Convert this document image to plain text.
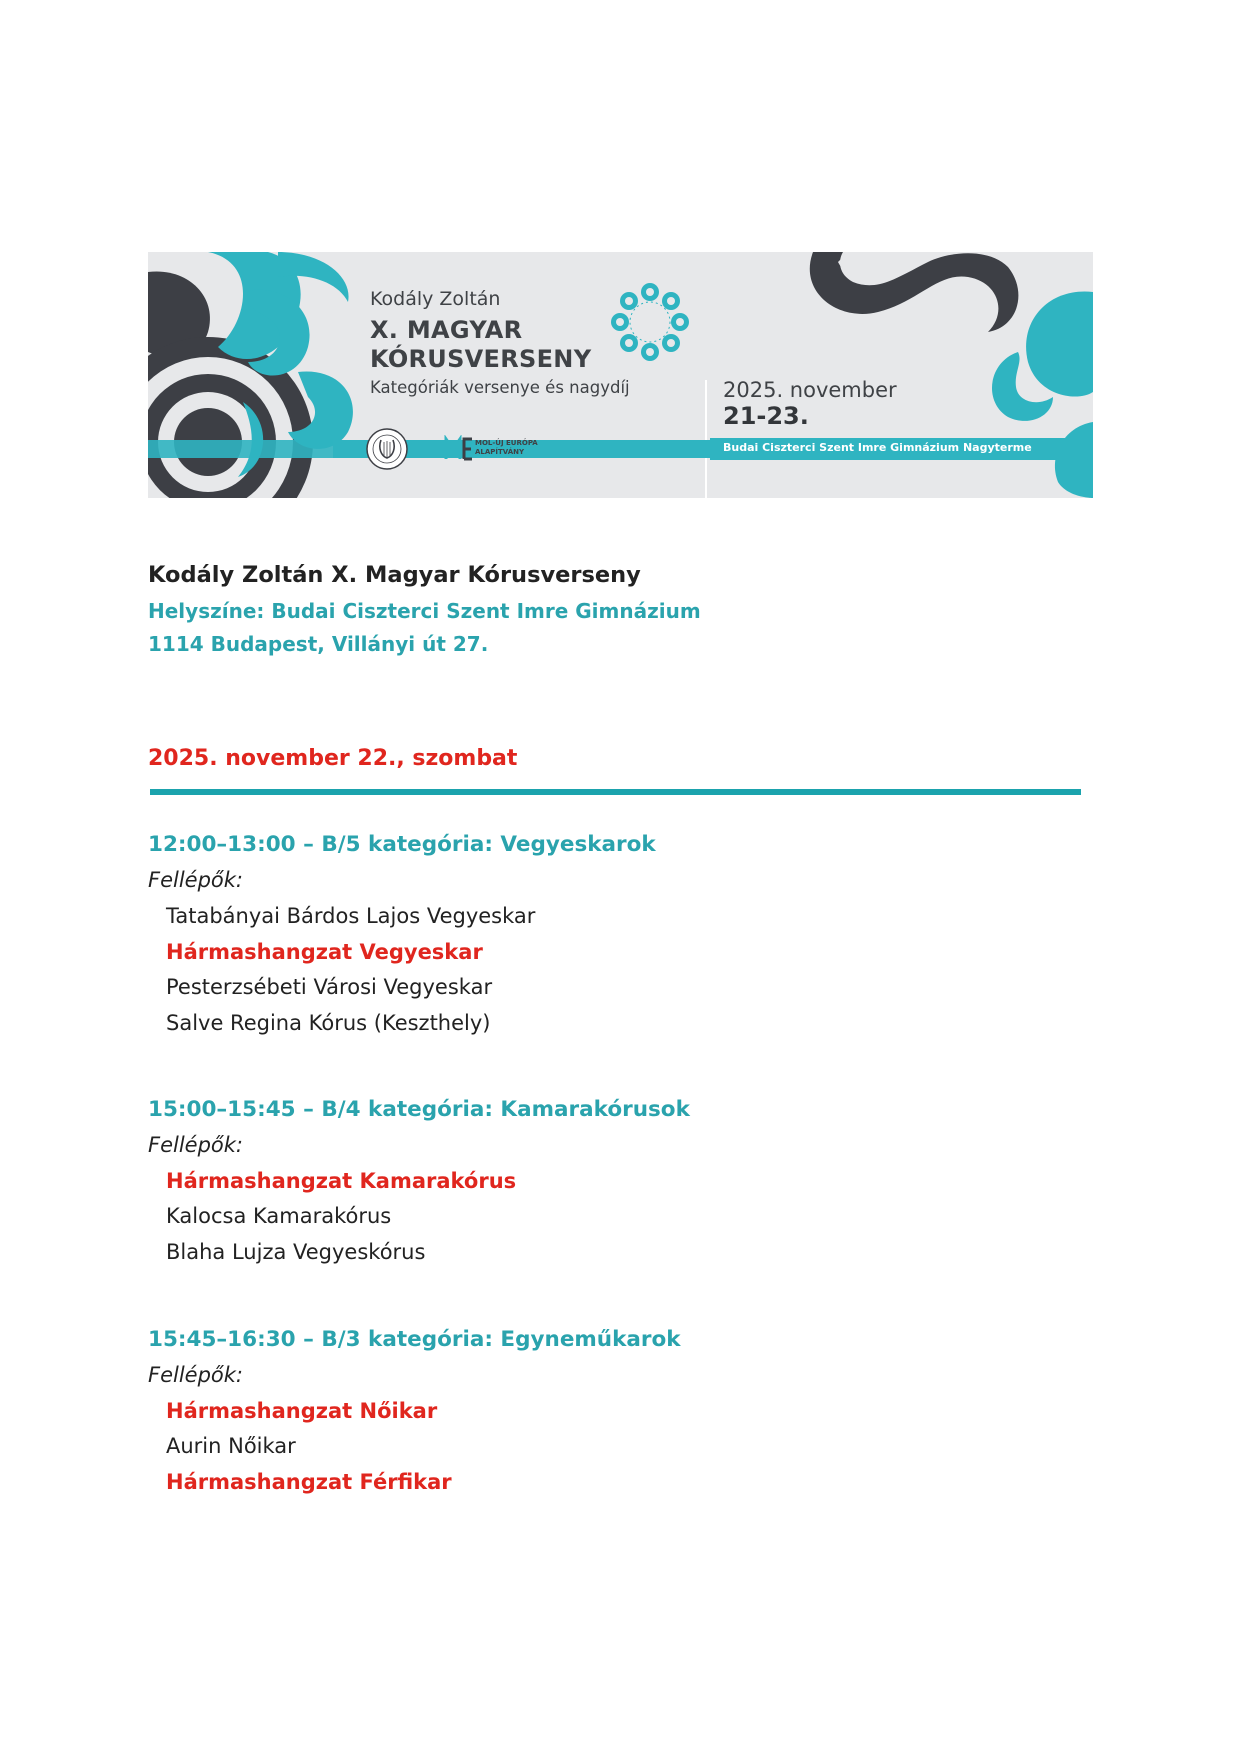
Kodály Zoltán
X. MAGYAR
KÓRUSVERSENY
Kategóriák versenye és nagydíj	2025. november
21-23.
Budai Ciszterci Szent Imre Gimnázium Nagyterme
MOL-ÚJ EURÓPA
ALAPÍTVÁNY
Kodály Zoltán X. Magyar Kórusverseny
Helyszíne: Budai Ciszterci Szent Imre Gimnázium
1114 Budapest, Villányi út 27.
2025. november 22., szombat
12:00–13:00 – B/5 kategória: Vegyeskarok
Fellépők:
Tatabányai Bárdos Lajos Vegyeskar
Hármashangzat Vegyeskar
Pesterzsébeti Városi Vegyeskar
Salve Regina Kórus (Keszthely)
15:00–15:45 – B/4 kategória: Kamarakórusok
Fellépők:
Hármashangzat Kamarakórus
Kalocsa Kamarakórus
Blaha Lujza Vegyeskórus
15:45–16:30 – B/3 kategória: Egyneműkarok
Fellépők:
Hármashangzat Nőikar
Aurin Nőikar
Hármashangzat Férfikar
